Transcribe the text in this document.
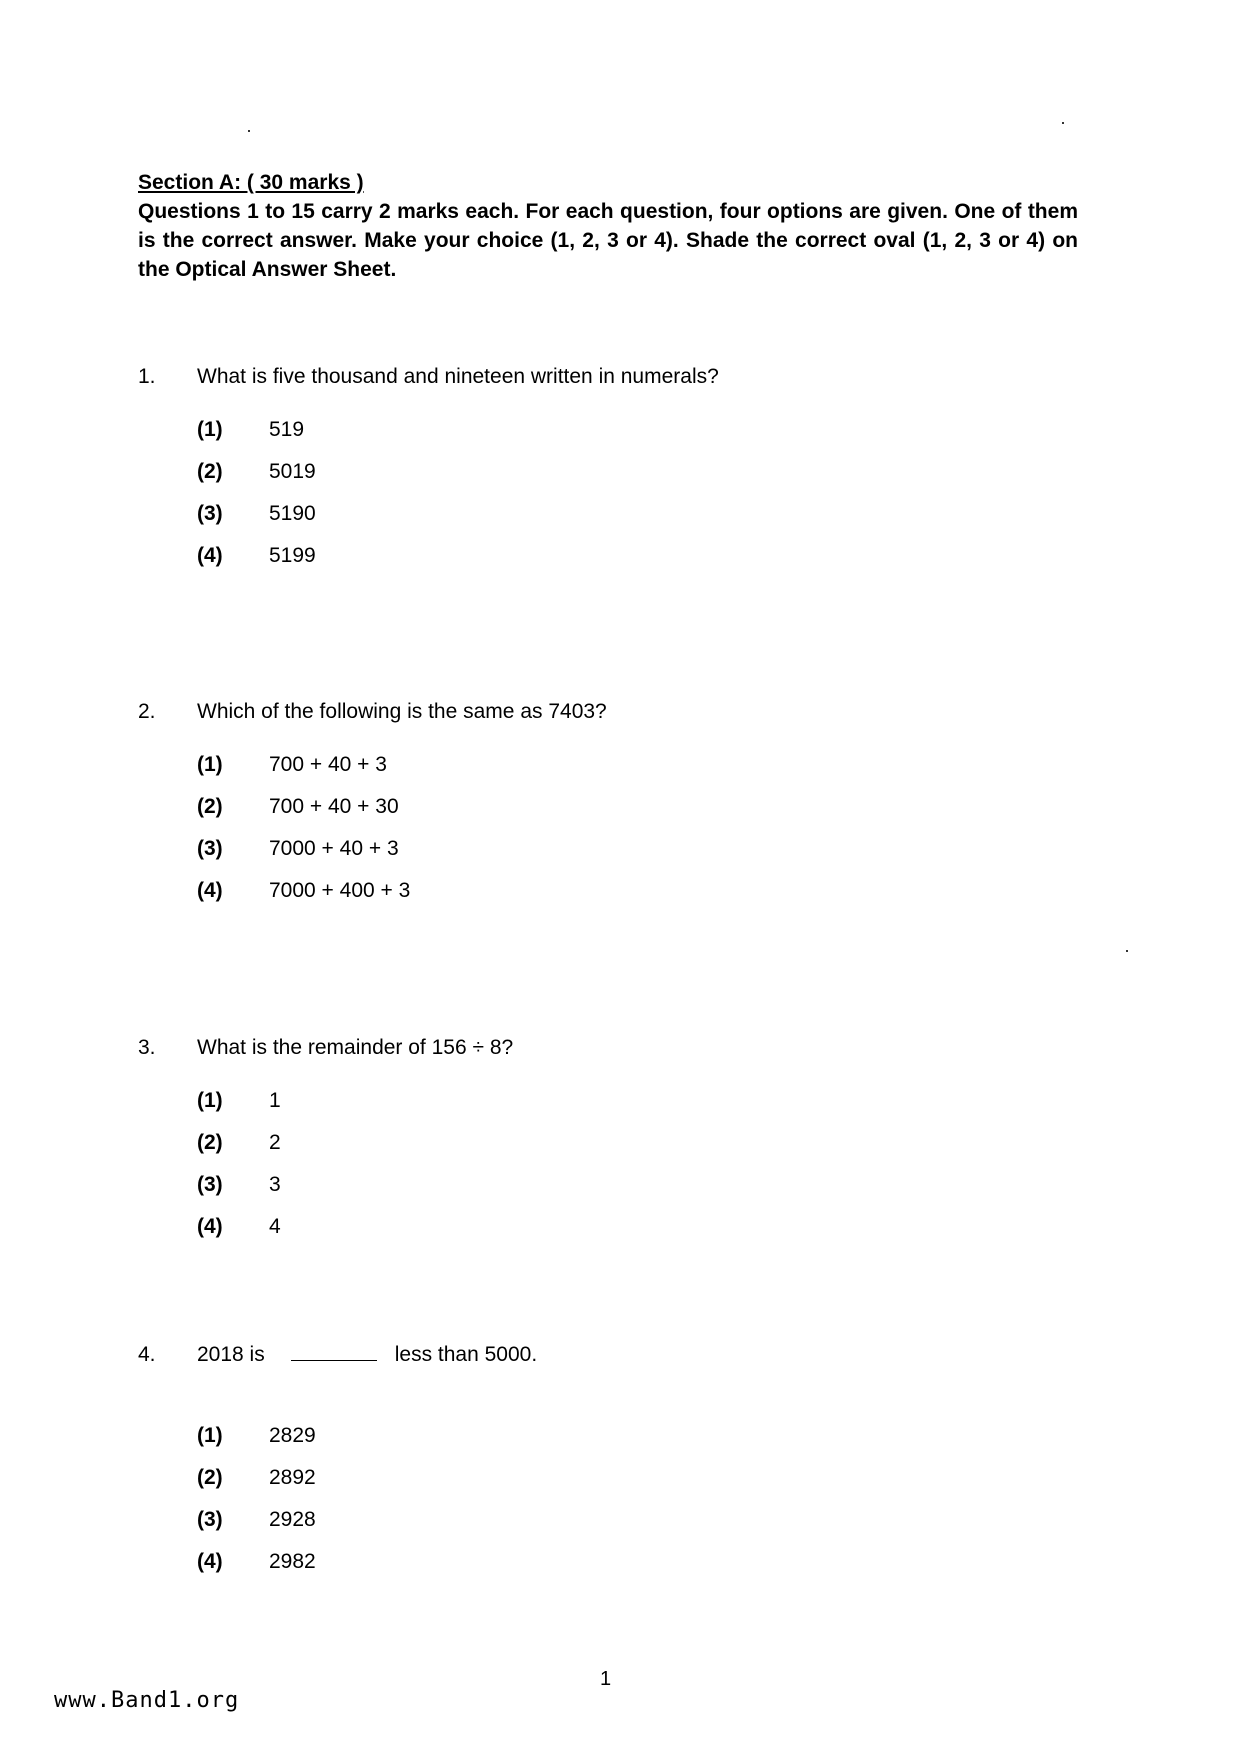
Section A: ( 30 marks )
Questions 1 to 15 carry 2 marks each. For each question, four options are given. One of them is the correct answer. Make your choice (1, 2, 3 or 4). Shade the correct oval (1, 2, 3 or 4) on the Optical Answer Sheet.
1.	What is five thousand and nineteen written in numerals?
(1)	519
(2)	5019
(3)	5190
(4)	5199
2.	Which of the following is the same as 7403?
(1)	700 + 40 + 3
(2)	700 + 40 + 30
(3)	7000 + 40 + 3
(4)	7000 + 400 + 3
3.	What is the remainder of 156 ÷ 8?
(1)	1
(2)	2
(3)	3
(4)	4
4.	2018 is	less than 5000.
(1)	2829
(2)	2892
(3)	2928
(4)	2982
1
www.Band1.org
